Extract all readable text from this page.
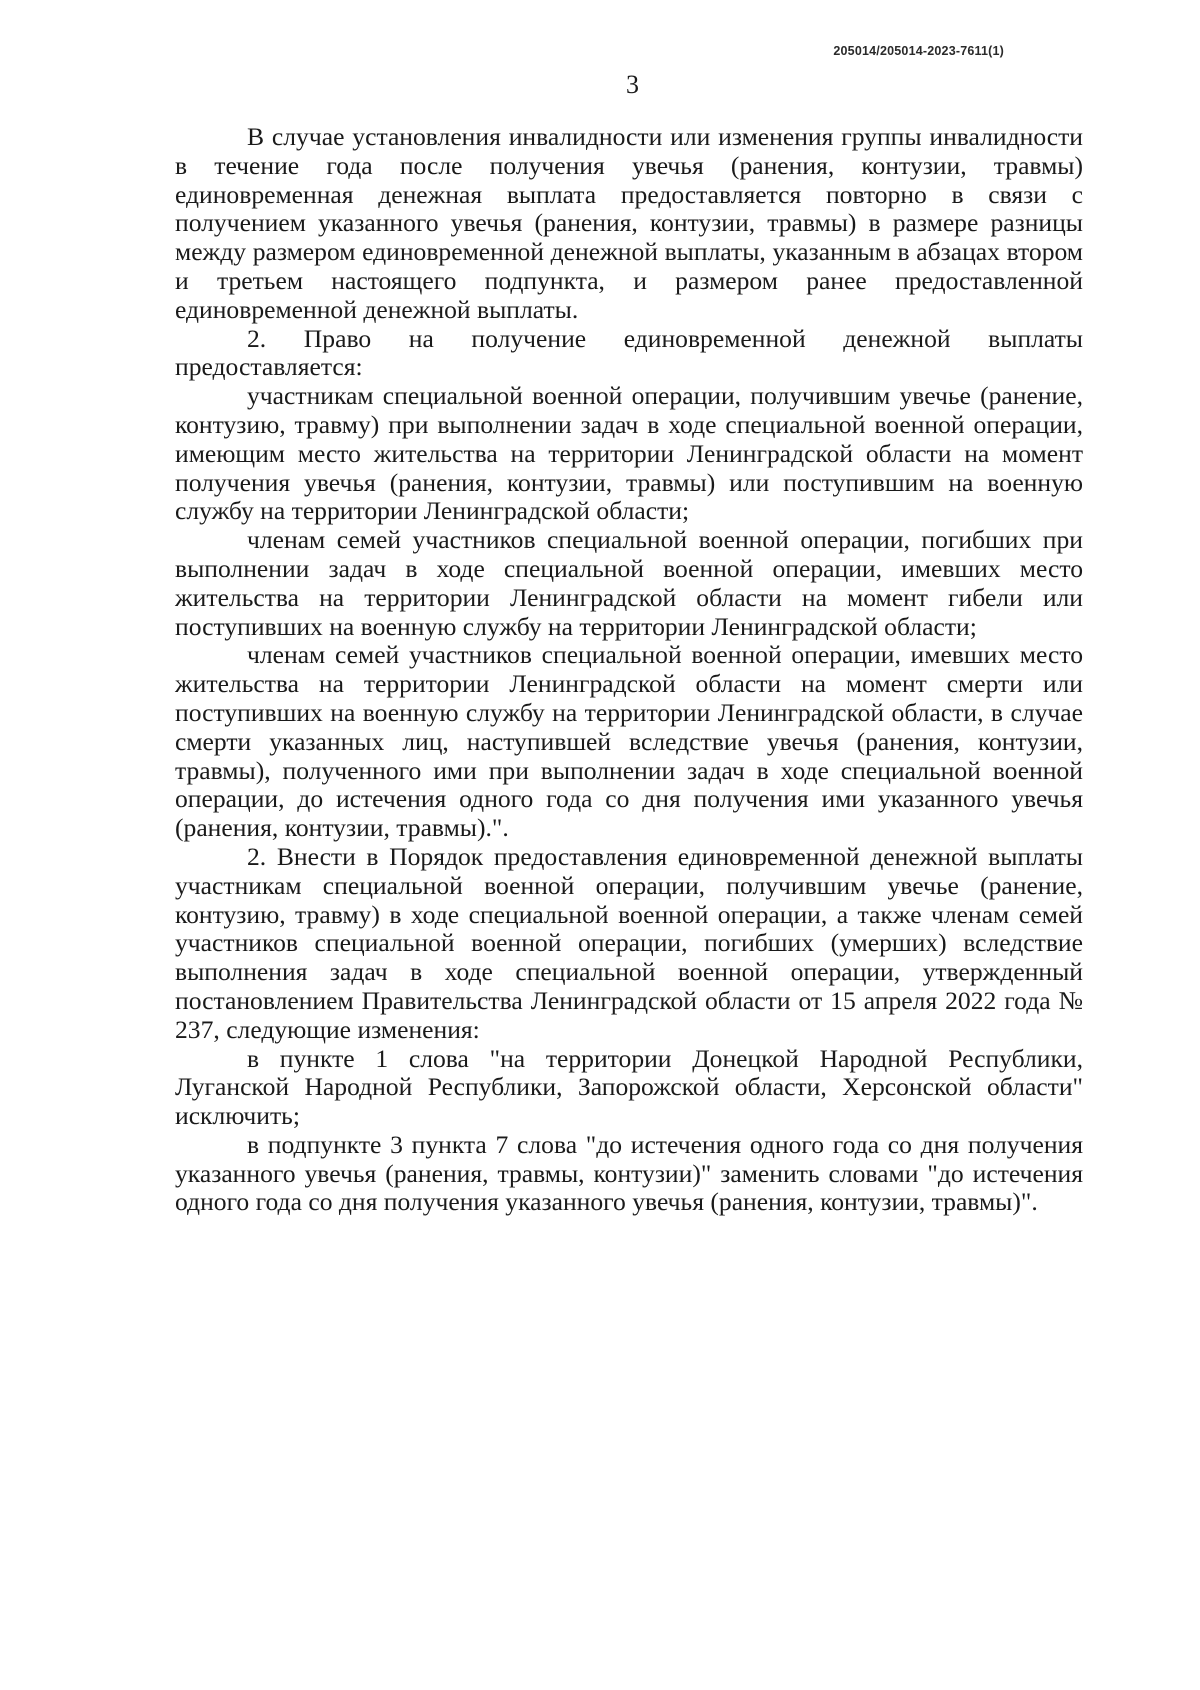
205014/205014-2023-7611(1)
3

В случае установления инвалидности или изменения группы инвалидности в течение года после получения увечья (ранения, контузии, травмы) единовременная денежная выплата предоставляется повторно в связи с получением указанного увечья (ранения, контузии, травмы) в размере разницы между размером единовременной денежной выплаты, указанным в абзацах втором и третьем настоящего подпункта, и размером ранее предоставленной единовременной денежной выплаты.

2. Право на получение единовременной денежной выплаты предоставляется:

участникам специальной военной операции, получившим увечье (ранение, контузию, травму) при выполнении задач в ходе специальной военной операции, имеющим место жительства на территории Ленинградской области на момент получения увечья (ранения, контузии, травмы) или поступившим на военную службу на территории Ленинградской области;

членам семей участников специальной военной операции, погибших при выполнении задач в ходе специальной военной операции, имевших место жительства на территории Ленинградской области на момент гибели или поступивших на военную службу на территории Ленинградской области;

членам семей участников специальной военной операции, имевших место жительства на территории Ленинградской области на момент смерти или поступивших на военную службу на территории Ленинградской области, в случае смерти указанных лиц, наступившей вследствие увечья (ранения, контузии, травмы), полученного ими при выполнении задач в ходе специальной военной операции, до истечения одного года со дня получения ими указанного увечья (ранения, контузии, травмы).".

2. Внести в Порядок предоставления единовременной денежной выплаты участникам специальной военной операции, получившим увечье (ранение, контузию, травму) в ходе специальной военной операции, а также членам семей участников специальной военной операции, погибших (умерших) вследствие выполнения задач в ходе специальной военной операции, утвержденный постановлением Правительства Ленинградской области от 15 апреля 2022 года № 237, следующие изменения:

в пункте 1 слова "на территории Донецкой Народной Республики, Луганской Народной Республики, Запорожской области, Херсонской области" исключить;

в подпункте 3 пункта 7 слова "до истечения одного года со дня получения указанного увечья (ранения, травмы, контузии)" заменить словами "до истечения одного года со дня получения указанного увечья (ранения, контузии, травмы)".
